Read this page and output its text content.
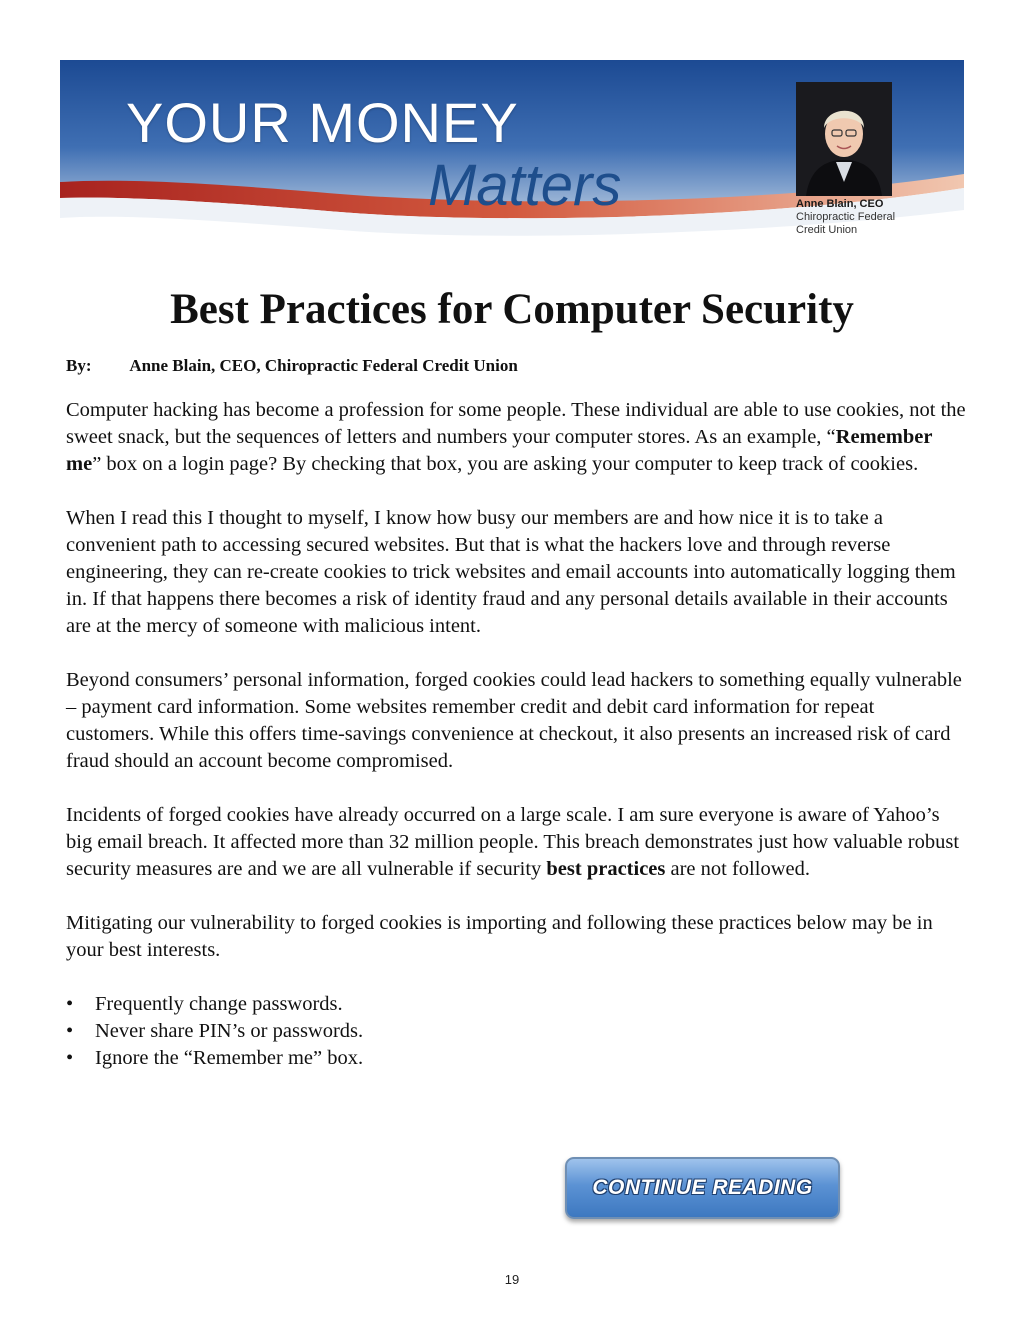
YOUR MONEY
Matters	Anne Blain, CEO
Chiropractic Federal
Credit Union
Best Practices for Computer Security
By: Anne Blain, CEO, Chiropractic Federal Credit Union

Computer hacking has become a profession for some people. These individual are able to use cookies, not the sweet snack, but the sequences of letters and numbers your computer stores. As an example, “Remember me” box on a login page? By checking that box, you are asking your computer to keep track of cookies.

When I read this I thought to myself, I know how busy our members are and how nice it is to take a convenient path to accessing secured websites. But that is what the hackers love and through reverse engineering, they can re-create cookies to trick websites and email accounts into automatically logging them in. If that happens there becomes a risk of identity fraud and any personal details available in their accounts are at the mercy of someone with malicious intent.

Beyond consumers’ personal information, forged cookies could lead hackers to something equally vulnerable – payment card information. Some websites remember credit and debit card information for repeat customers. While this offers time-savings convenience at checkout, it also presents an increased risk of card fraud should an account become compromised.

Incidents of forged cookies have already occurred on a large scale. I am sure everyone is aware of Yahoo’s big email breach. It affected more than 32 million people. This breach demonstrates just how valuable robust security measures are and we are all vulnerable if security best practices are not followed.

Mitigating our vulnerability to forged cookies is importing and following these practices below may be in your best interests.

• Frequently change passwords.
• Never share PIN’s or passwords.
• Ignore the “Remember me” box.
CONTINUE READING
19
